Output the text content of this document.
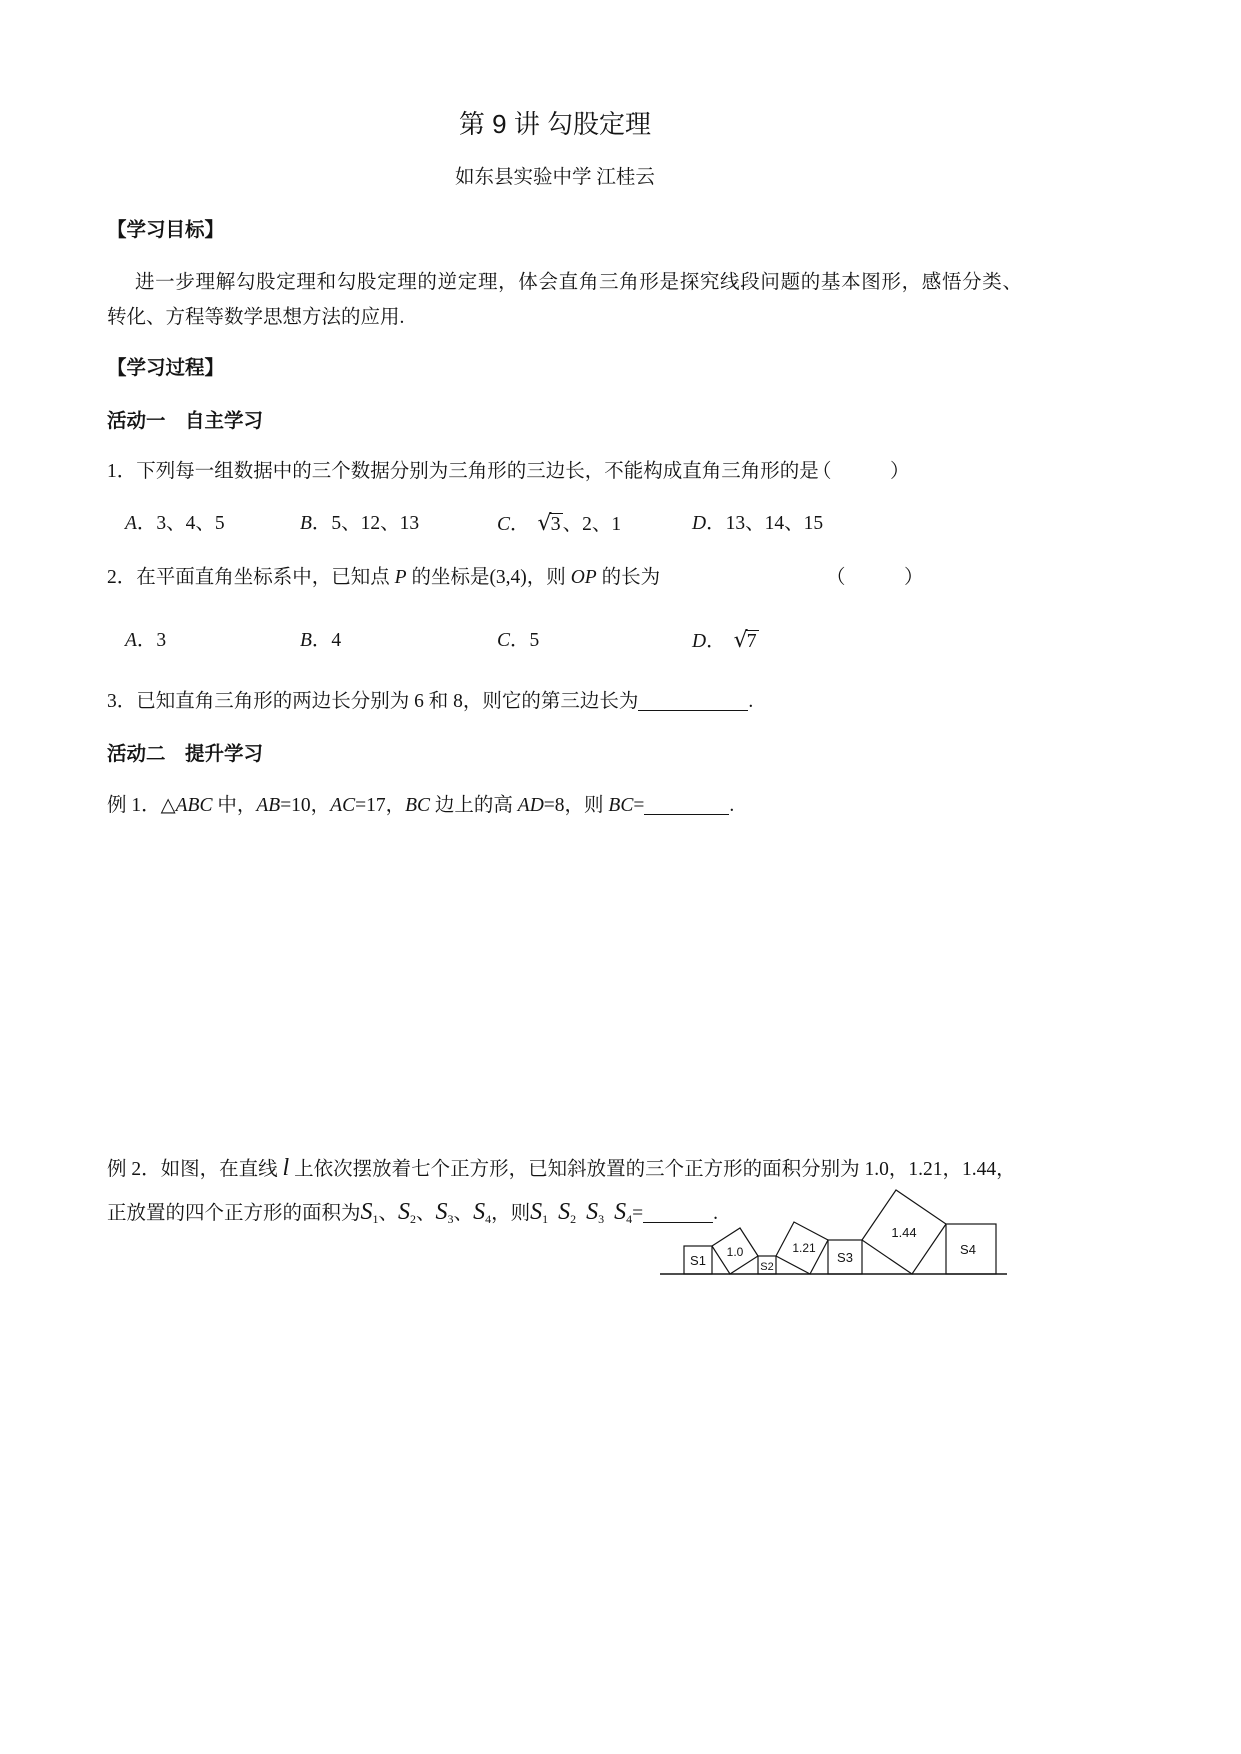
第 9 讲 勾股定理
如东县实验中学 江桂云
【学习目标】
进一步理解勾股定理和勾股定理的逆定理，体会直角三角形是探究线段问题的基本图形，感悟分类、
转化、方程等数学思想方法的应用.
【学习过程】
活动一　自主学习
1．下列每一组数据中的三个数据分别为三角形的三边长，不能构成直角三角形的是
（　　　）
A．3、4、5	B．5、12、13	C． √3 、2、1	D．13、14、15
2．在平面直角坐标系中，已知点 P 的坐标是(3,4)，则 OP 的长为	（　　　）
A．3	B．4	C．5	D． √7
3．已知直角三角形的两边长分别为 6 和 8，则它的第三边长为	.
活动二　提升学习
例 1．△ABC 中，AB=10，AC=17，BC 边上的高 AD=8，则 BC=	.
例 2．如图，在直线 l 上依次摆放着七个正方形，已知斜放置的三个正方形的面积分别为 1.0，1.21，1.44，
正放置的四个正方形的面积为$S_1$、$S_2$、$S_3$、$S_4$，则$S_1$ $S_2$ $S_3$ $S_4=$	.
S1
1.0
S2
1.21
S3
1.44
S4
